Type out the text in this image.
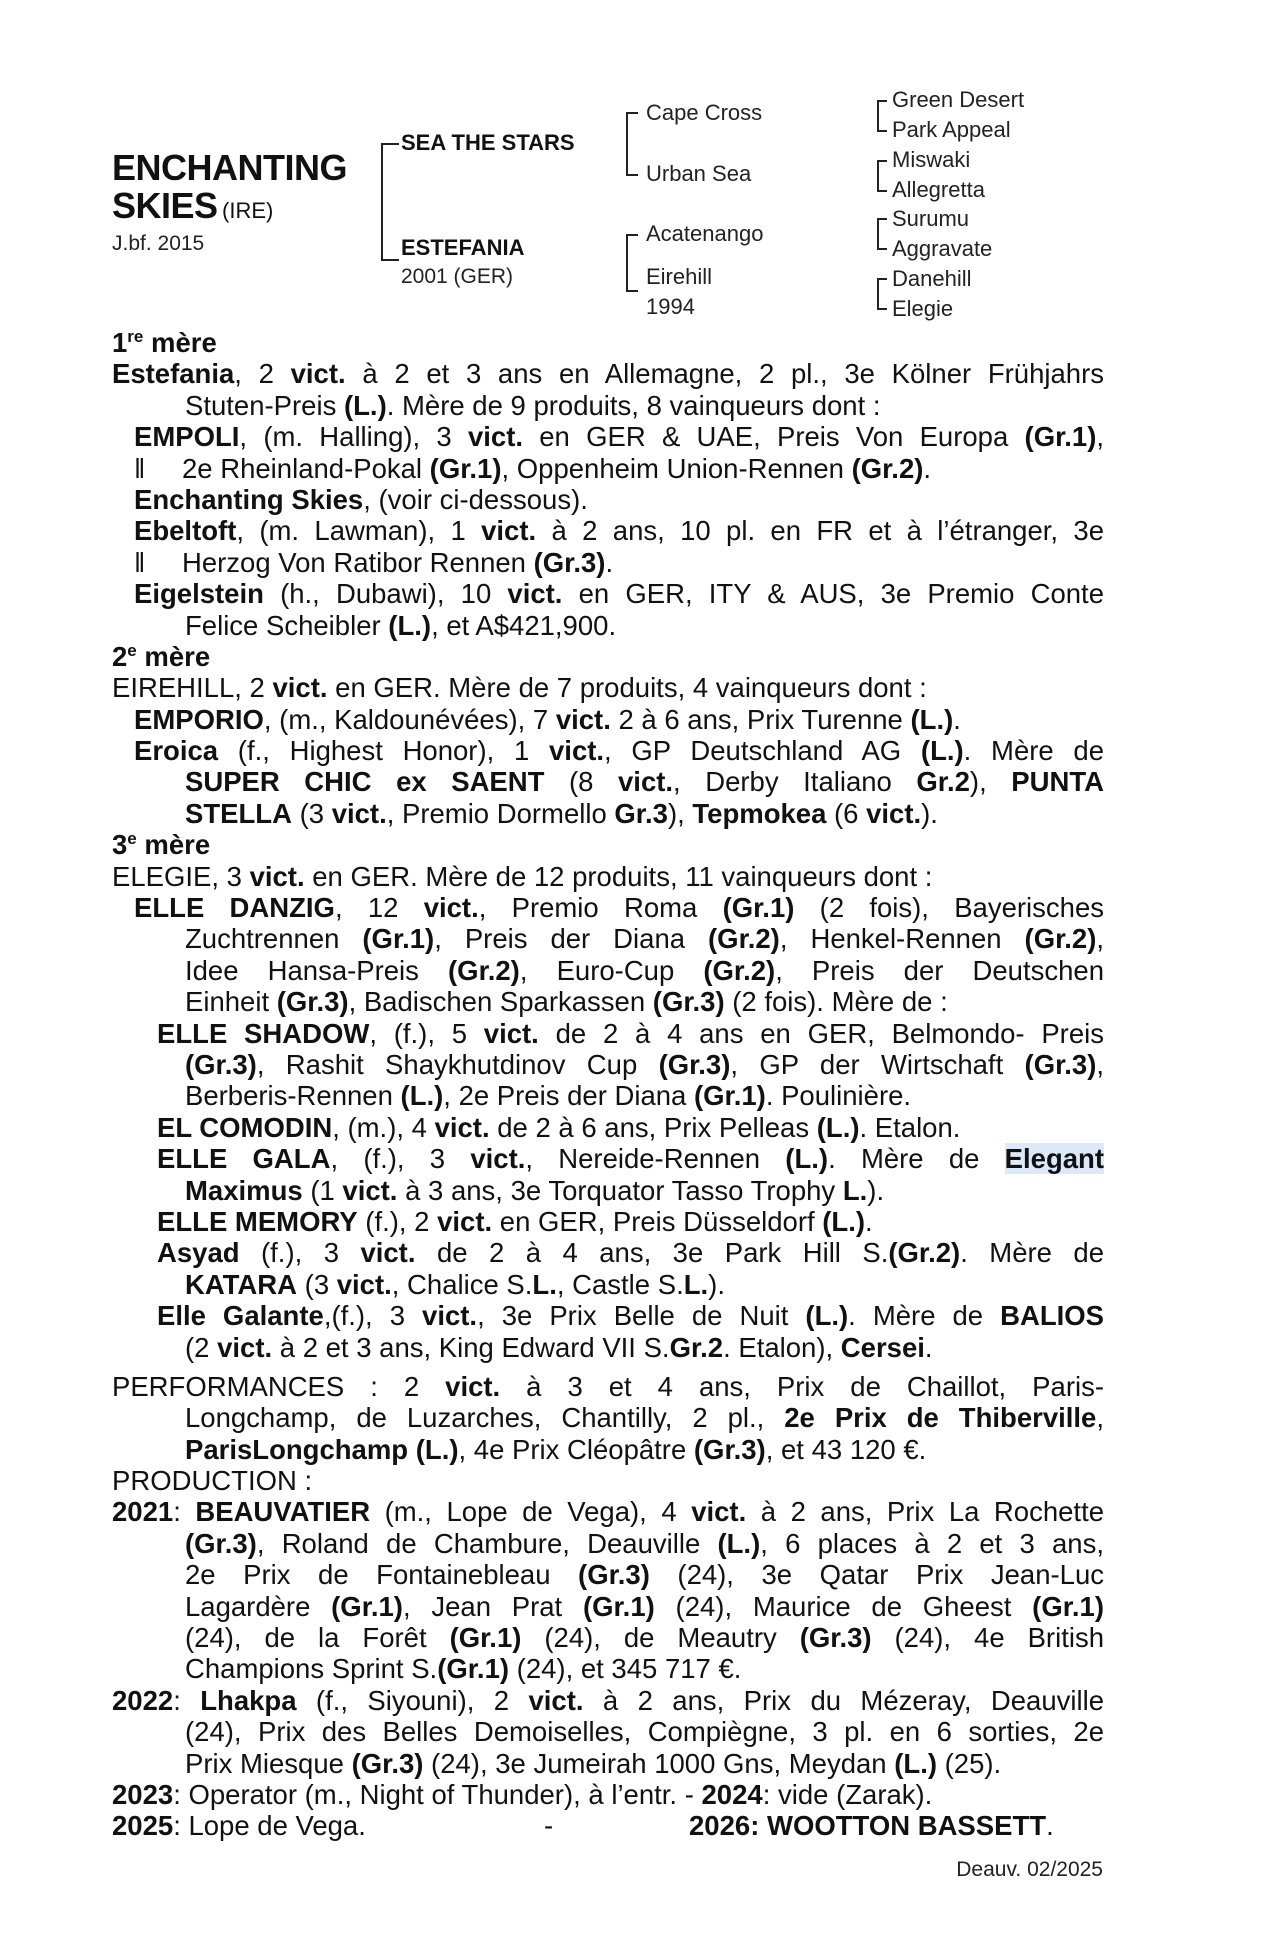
ENCHANTING
SKIES (IRE)
J.bf. 2015
SEA THE STARS
ESTEFANIA
2001 (GER)
Cape Cross
Urban Sea
Acatenango
Eirehill
1994
Green Desert
Park Appeal
Miswaki
Allegretta
Surumu
Aggravate
Danehill
Elegie
1re mère
Estefania, 2 vict. à 2 et 3 ans en Allemagne, 2 pl., 3e Kölner Frühjahrs
Stuten-Preis (L.). Mère de 9 produits, 8 vainqueurs dont :
EMPOLI, (m. Halling), 3 vict. en GER & UAE, Preis Von Europa (Gr.1),
‖ 2e Rheinland-Pokal (Gr.1), Oppenheim Union-Rennen (Gr.2).
Enchanting Skies, (voir ci-dessous).
Ebeltoft, (m. Lawman), 1 vict. à 2 ans, 10 pl. en FR et à l’étranger, 3e
‖ Herzog Von Ratibor Rennen (Gr.3).
Eigelstein (h., Dubawi), 10 vict. en GER, ITY & AUS, 3e Premio Conte
Felice Scheibler (L.), et A$421,900.
2e mère
EIREHILL, 2 vict. en GER. Mère de 7 produits, 4 vainqueurs dont :
EMPORIO, (m., Kaldounévées), 7 vict. 2 à 6 ans, Prix Turenne (L.).
Eroica (f., Highest Honor), 1 vict., GP Deutschland AG (L.). Mère de
SUPER CHIC ex SAENT (8 vict., Derby Italiano Gr.2), PUNTA
STELLA (3 vict., Premio Dormello Gr.3), Tepmokea (6 vict.).
3e mère
ELEGIE, 3 vict. en GER. Mère de 12 produits, 11 vainqueurs dont :
ELLE DANZIG, 12 vict., Premio Roma (Gr.1) (2 fois), Bayerisches
Zuchtrennen (Gr.1), Preis der Diana (Gr.2), Henkel-Rennen (Gr.2),
Idee Hansa-Preis (Gr.2), Euro-Cup (Gr.2), Preis der Deutschen
Einheit (Gr.3), Badischen Sparkassen (Gr.3) (2 fois). Mère de :
ELLE SHADOW, (f.), 5 vict. de 2 à 4 ans en GER, Belmondo- Preis
(Gr.3), Rashit Shaykhutdinov Cup (Gr.3), GP der Wirtschaft (Gr.3),
Berberis-Rennen (L.), 2e Preis der Diana (Gr.1). Poulinière.
EL COMODIN, (m.), 4 vict. de 2 à 6 ans, Prix Pelleas (L.). Etalon.
ELLE GALA, (f.), 3 vict., Nereide-Rennen (L.). Mère de Elegant
Maximus (1 vict. à 3 ans, 3e Torquator Tasso Trophy L.).
ELLE MEMORY (f.), 2 vict. en GER, Preis Düsseldorf (L.).
Asyad (f.), 3 vict. de 2 à 4 ans, 3e Park Hill S.(Gr.2). Mère de
KATARA (3 vict., Chalice S.L., Castle S.L.).
Elle Galante,(f.), 3 vict., 3e Prix Belle de Nuit (L.). Mère de BALIOS
(2 vict. à 2 et 3 ans, King Edward VII S.Gr.2. Etalon), Cersei.
PERFORMANCES : 2 vict. à 3 et 4 ans, Prix de Chaillot, Paris-
Longchamp, de Luzarches, Chantilly, 2 pl., 2e Prix de Thiberville,
ParisLongchamp (L.), 4e Prix Cléopâtre (Gr.3), et 43 120 €.
PRODUCTION :
2021: BEAUVATIER (m., Lope de Vega), 4 vict. à 2 ans, Prix La Rochette
(Gr.3), Roland de Chambure, Deauville (L.), 6 places à 2 et 3 ans,
2e Prix de Fontainebleau (Gr.3) (24), 3e Qatar Prix Jean-Luc
Lagardère (Gr.1), Jean Prat (Gr.1) (24), Maurice de Gheest (Gr.1)
(24), de la Forêt (Gr.1) (24), de Meautry (Gr.3) (24), 4e British
Champions Sprint S.(Gr.1) (24), et 345 717 €.
2022: Lhakpa (f., Siyouni), 2 vict. à 2 ans, Prix du Mézeray, Deauville
(24), Prix des Belles Demoiselles, Compiègne, 3 pl. en 6 sorties, 2e
Prix Miesque (Gr.3) (24), 3e Jumeirah 1000 Gns, Meydan (L.) (25).
2023: Operator (m., Night of Thunder), à l’entr. - 2024: vide (Zarak).
2025: Lope de Vega.	-	2026: WOOTTON BASSETT.
Deauv. 02/2025
